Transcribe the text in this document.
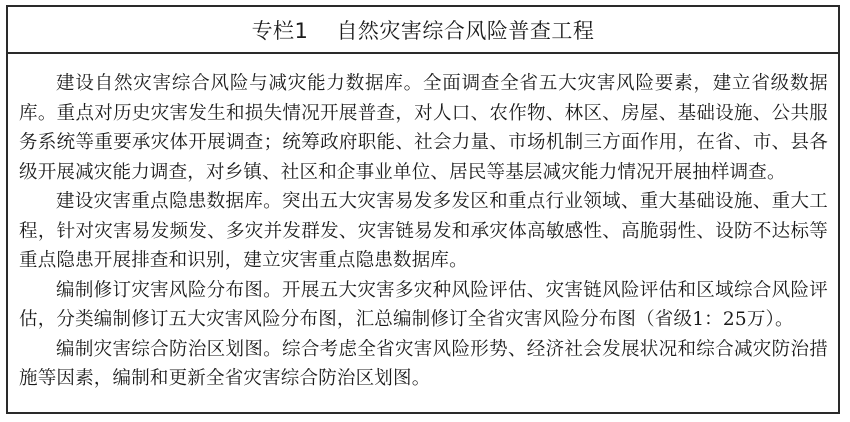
专栏1 自然灾害综合风险普查工程

建设自然灾害综合风险与减灾能力数据库。全面调查全省五大灾害风险要素，建立省级数据库。重点对历史灾害发生和损失情况开展普查，对人口、农作物、林区、房屋、基础设施、公共服务系统等重要承灾体开展调查；统筹政府职能、社会力量、市场机制三方面作用，在省、市、县各级开展减灾能力调查，对乡镇、社区和企事业单位、居民等基层减灾能力情况开展抽样调查。

建设灾害重点隐患数据库。突出五大灾害易发多发区和重点行业领域、重大基础设施、重大工程，针对灾害易发频发、多灾并发群发、灾害链易发和承灾体高敏感性、高脆弱性、设防不达标等重点隐患开展排查和识别，建立灾害重点隐患数据库。

编制修订灾害风险分布图。开展五大灾害多灾种风险评估、灾害链风险评估和区域综合风险评估，分类编制修订五大灾害风险分布图，汇总编制修订全省灾害风险分布图（省级1：25万）。

编制灾害综合防治区划图。综合考虑全省灾害风险形势、经济社会发展状况和综合减灾防治措施等因素，编制和更新全省灾害综合防治区划图。
